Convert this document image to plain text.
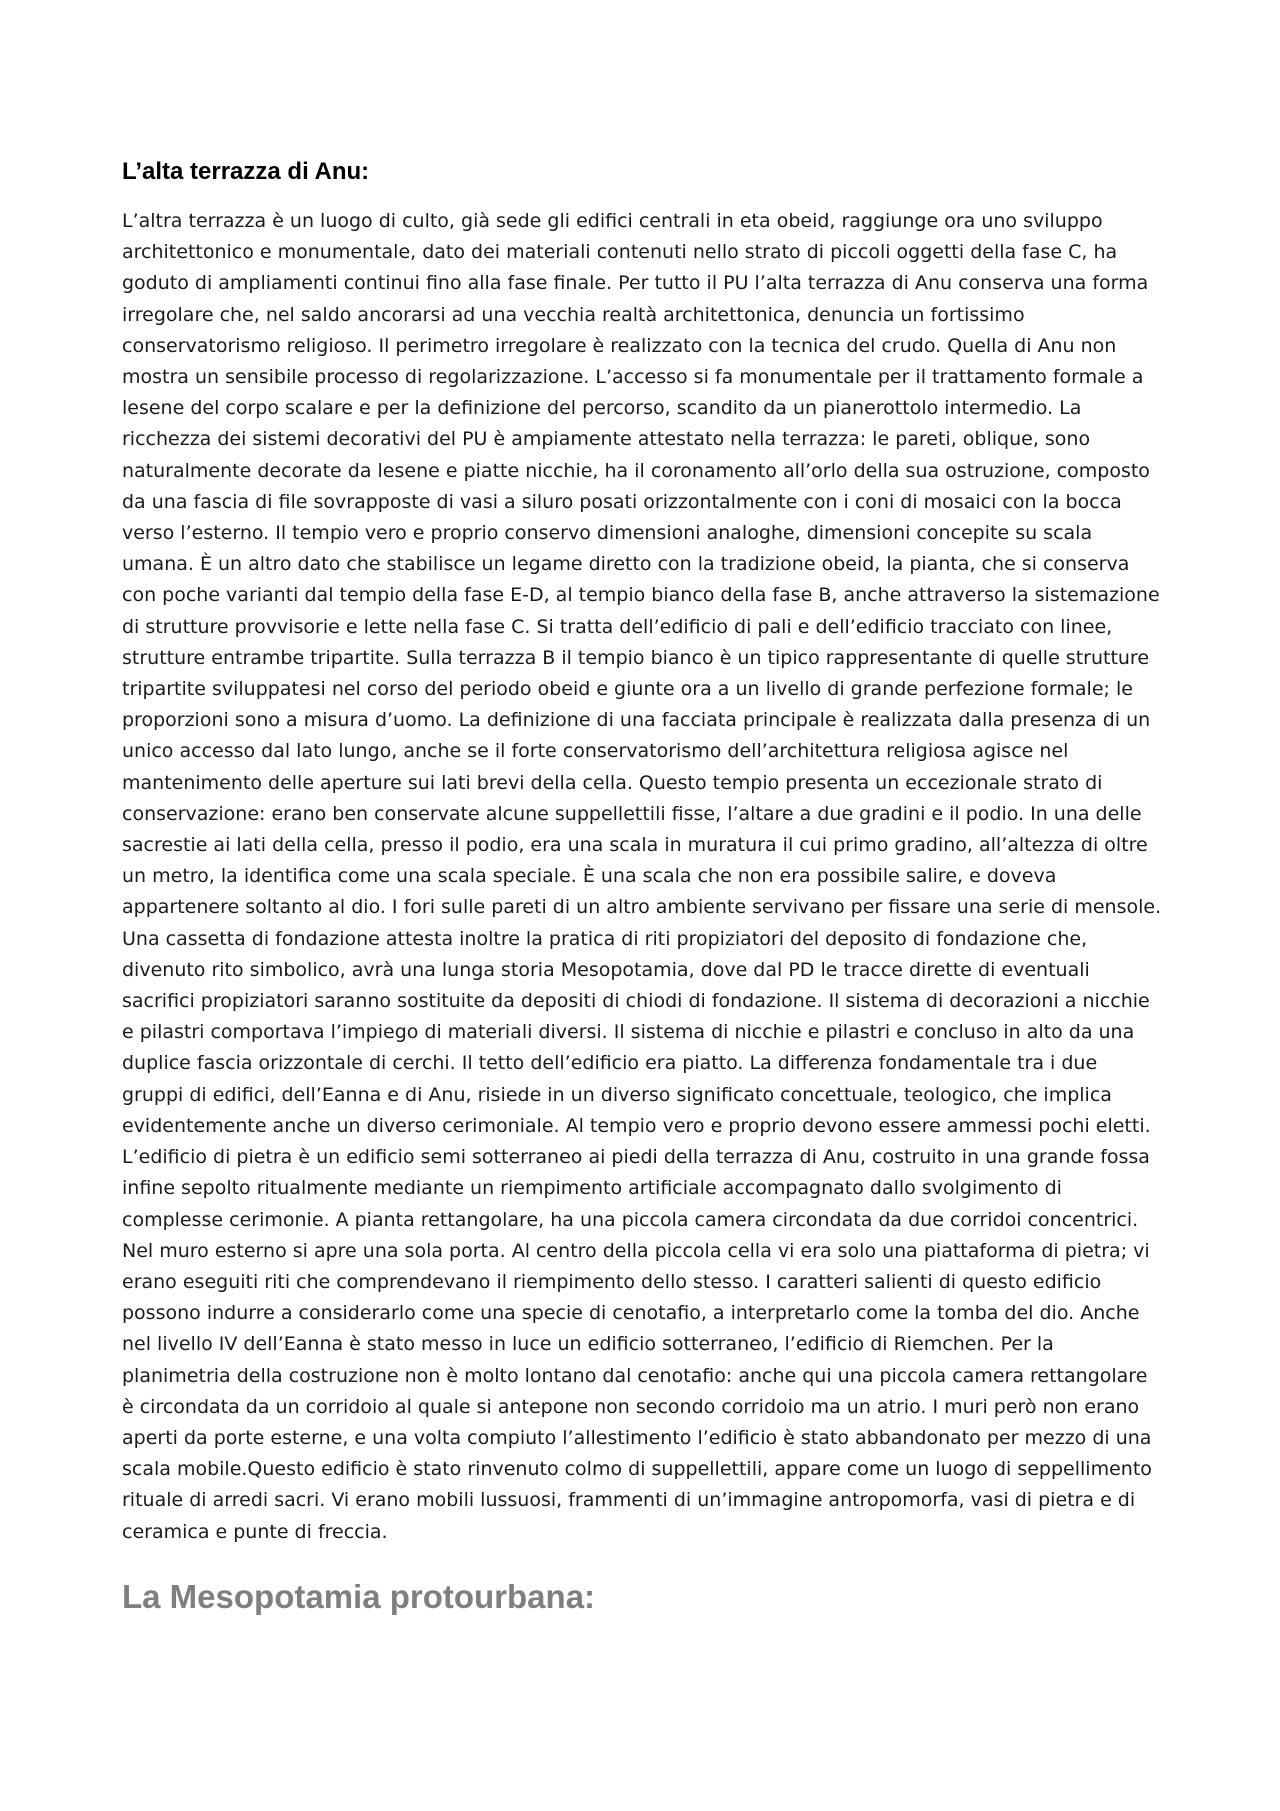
L’alta terrazza di Anu:

L’altra terrazza è un luogo di culto, già sede gli edifici centrali in eta obeid, raggiunge ora uno sviluppo architettonico e monumentale, dato dei materiali contenuti nello strato di piccoli oggetti della fase C, ha goduto di ampliamenti continui fino alla fase finale. Per tutto il PU l’alta terrazza di Anu conserva una forma irregolare che, nel saldo ancorarsi ad una vecchia realtà architettonica, denuncia un fortissimo conservatorismo religioso. Il perimetro irregolare è realizzato con la tecnica del crudo. Quella di Anu non mostra un sensibile processo di regolarizzazione. L’accesso si fa monumentale per il trattamento formale a lesene del corpo scalare e per la definizione del percorso, scandito da un pianerottolo intermedio. La ricchezza dei sistemi decorativi del PU è ampiamente attestato nella terrazza: le pareti, oblique, sono naturalmente decorate da lesene e piatte nicchie, ha il coronamento all’orlo della sua ostruzione, composto da una fascia di file sovrapposte di vasi a siluro posati orizzontalmente con i coni di mosaici con la bocca verso l’esterno. Il tempio vero e proprio conservo dimensioni analoghe, dimensioni concepite su scala umana. È un altro dato che stabilisce un legame diretto con la tradizione obeid, la pianta, che si conserva con poche varianti dal tempio della fase E-D, al tempio bianco della fase B, anche attraverso la sistemazione di strutture provvisorie e lette nella fase C. Si tratta dell’edificio di pali e dell’edificio tracciato con linee, strutture entrambe tripartite. Sulla terrazza B il tempio bianco è un tipico rappresentante di quelle strutture tripartite sviluppatesi nel corso del periodo obeid e giunte ora a un livello di grande perfezione formale; le proporzioni sono a misura d’uomo. La definizione di una facciata principale è realizzata dalla presenza di un unico accesso dal lato lungo, anche se il forte conservatorismo dell’architettura religiosa agisce nel mantenimento delle aperture sui lati brevi della cella. Questo tempio presenta un eccezionale strato di conservazione: erano ben conservate alcune suppellettili fisse, l’altare a due gradini e il podio. In una delle sacrestie ai lati della cella, presso il podio, era una scala in muratura il cui primo gradino, all’altezza di oltre un metro, la identifica come una scala speciale. È una scala che non era possibile salire, e doveva appartenere soltanto al dio. I fori sulle pareti di un altro ambiente servivano per fissare una serie di mensole. Una cassetta di fondazione attesta inoltre la pratica di riti propiziatori del deposito di fondazione che, divenuto rito simbolico, avrà una lunga storia Mesopotamia, dove dal PD le tracce dirette di eventuali sacrifici propiziatori saranno sostituite da depositi di chiodi di fondazione. Il sistema di decorazioni a nicchie e pilastri comportava l’impiego di materiali diversi. Il sistema di nicchie e pilastri e concluso in alto da una duplice fascia orizzontale di cerchi. Il tetto dell’edificio era piatto. La differenza fondamentale tra i due gruppi di edifici, dell’Eanna e di Anu, risiede in un diverso significato concettuale, teologico, che implica evidentemente anche un diverso cerimoniale. Al tempio vero e proprio devono essere ammessi pochi eletti. L’edificio di pietra è un edificio semi sotterraneo ai piedi della terrazza di Anu, costruito in una grande fossa infine sepolto ritualmente mediante un riempimento artificiale accompagnato dallo svolgimento di complesse cerimonie. A pianta rettangolare, ha una piccola camera circondata da due corridoi concentrici. Nel muro esterno si apre una sola porta. Al centro della piccola cella vi era solo una piattaforma di pietra; vi erano eseguiti riti che comprendevano il riempimento dello stesso. I caratteri salienti di questo edificio possono indurre a considerarlo come una specie di cenotafio, a interpretarlo come la tomba del dio. Anche nel livello IV dell’Eanna è stato messo in luce un edificio sotterraneo, l’edificio di Riemchen. Per la planimetria della costruzione non è molto lontano dal cenotafio: anche qui una piccola camera rettangolare è circondata da un corridoio al quale si antepone non secondo corridoio ma un atrio. I muri però non erano aperti da porte esterne, e una volta compiuto l’allestimento l’edificio è stato abbandonato per mezzo di una scala mobile.Questo edificio è stato rinvenuto colmo di suppellettili, appare come un luogo di seppellimento rituale di arredi sacri. Vi erano mobili lussuosi, frammenti di un’immagine antropomorfa, vasi di pietra e di ceramica e punte di freccia.

La Mesopotamia protourbana:
